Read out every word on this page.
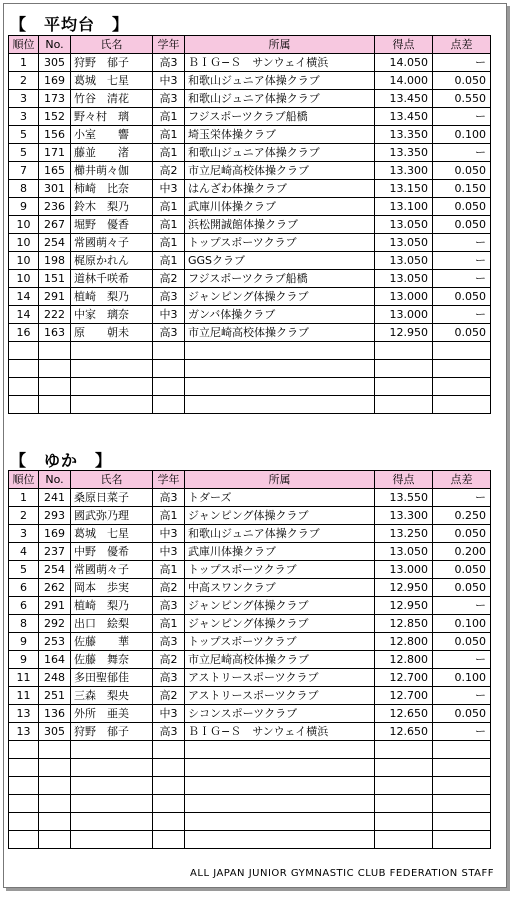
【　平均台　】
順位	No.	氏名	学年	所属	得点	点差
1	305	狩野　郁子	高3	ＢＩＧ−Ｓ　サンウェイ横浜	14.050	ー
2	169	葛城　七星	中3	和歌山ジュニア体操クラブ	14.000	0.050
3	173	竹谷　清花	高3	和歌山ジュニア体操クラブ	13.450	0.550
3	152	野々村　璃	高1	フジスポーツクラブ船橋	13.450	ー
5	156	小室　　響	高1	埼玉栄体操クラブ	13.350	0.100
5	171	藤並　　渚	高1	和歌山ジュニア体操クラブ	13.350	ー
7	165	櫛井萌々伽	高2	市立尼崎高校体操クラブ	13.300	0.050
8	301	柿崎　比奈	中3	はんざわ体操クラブ	13.150	0.150
9	236	鈴木　梨乃	高1	武庫川体操クラブ	13.100	0.050
10	267	堀野　優香	高1	浜松開誠館体操クラブ	13.050	0.050
10	254	常國萌々子	高1	トップスポーツクラブ	13.050	ー
10	198	梶原かれん	高1	GGSクラブ	13.050	ー
10	151	道林千咲希	高2	フジスポーツクラブ船橋	13.050	ー
14	291	植崎　梨乃	高3	ジャンピング体操クラブ	13.000	0.050
14	222	中家　璃奈	中3	ガンバ体操クラブ	13.000	ー
16	163	原　　朝未	高3	市立尼崎高校体操クラブ	12.950	0.050

【　ゆか　】
順位	No.	氏名	学年	所属	得点	点差
1	241	桑原日菜子	高3	トダーズ	13.550	ー
2	293	國武弥乃理	高1	ジャンピング体操クラブ	13.300	0.250
3	169	葛城　七星	中3	和歌山ジュニア体操クラブ	13.250	0.050
4	237	中野　優希	中3	武庫川体操クラブ	13.050	0.200
5	254	常國萌々子	高1	トップスポーツクラブ	13.000	0.050
6	262	岡本　歩実	高2	中高スワンクラブ	12.950	0.050
6	291	植崎　梨乃	高3	ジャンピング体操クラブ	12.950	ー
8	292	出口　絵梨	高1	ジャンピング体操クラブ	12.850	0.100
9	253	佐藤　　華	高3	トップスポーツクラブ	12.800	0.050
9	164	佐藤　舞奈	高2	市立尼崎高校体操クラブ	12.800	ー
11	248	多田聖郁佳	高3	アストリースポーツクラブ	12.700	0.100
11	251	三森　梨央	高2	アストリースポーツクラブ	12.700	ー
13	136	外所　亜美	中3	シコンスポーツクラブ	12.650	0.050
13	305	狩野　郁子	高3	ＢＩＧ−Ｓ　サンウェイ横浜	12.650	ー

ALL JAPAN JUNIOR GYMNASTIC CLUB FEDERATION STAFF
